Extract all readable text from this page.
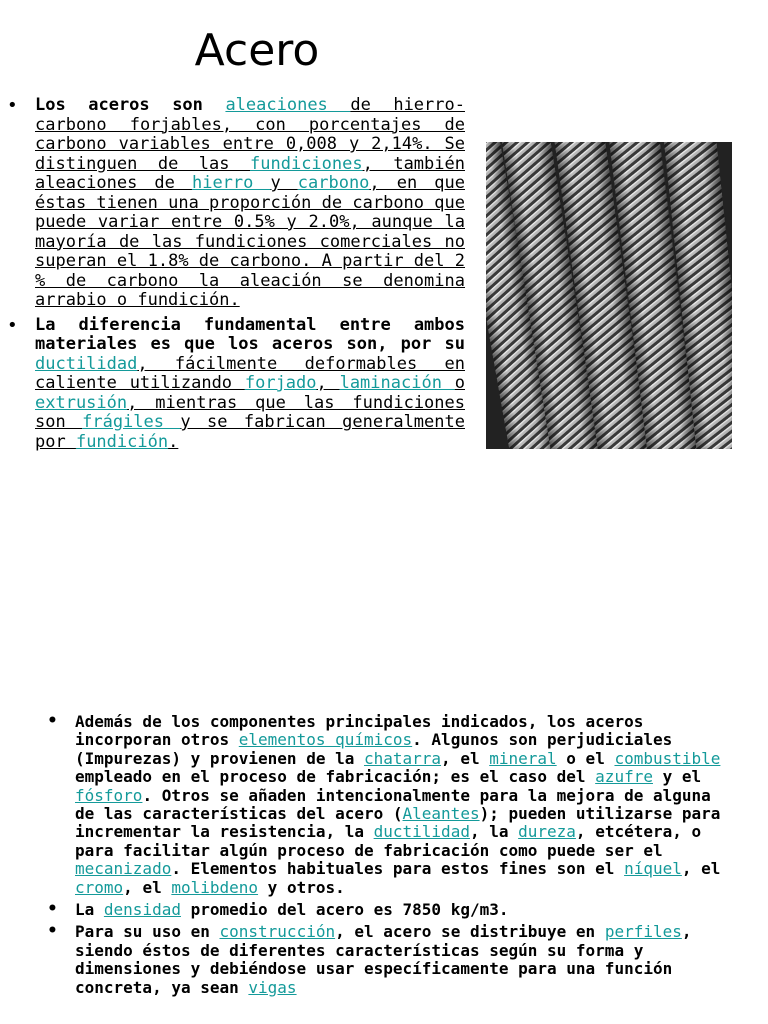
Acero
• Los aceros son aleaciones de hierro-carbono forjables, con porcentajes de carbono variables entre 0,008 y 2,14%. Se distinguen de las fundiciones, también aleaciones de hierro y carbono, en que éstas tienen una proporción de carbono que puede variar entre 0.5% y 2.0%, aunque la mayoría de las fundiciones comerciales no superan el 1.8% de carbono. A partir del 2 % de carbono la aleación se denomina arrabio o fundición.
• La diferencia fundamental entre ambos materiales es que los aceros son, por su ductilidad, fácilmente deformables en caliente utilizando forjado, laminación o extrusión, mientras que las fundiciones son frágiles y se fabrican generalmente por fundición.
• Además de los componentes principales indicados, los aceros incorporan otros elementos químicos. Algunos son perjudiciales (Impurezas) y provienen de la chatarra, el mineral o el combustible empleado en el proceso de fabricación; es el caso del azufre y el fósforo. Otros se añaden intencionalmente para la mejora de alguna de las características del acero (Aleantes); pueden utilizarse para incrementar la resistencia, la ductilidad, la dureza, etcétera, o para facilitar algún proceso de fabricación como puede ser el mecanizado. Elementos habituales para estos fines son el níquel, el cromo, el molibdeno y otros.
• La densidad promedio del acero es 7850 kg/m3.
• Para su uso en construcción, el acero se distribuye en perfiles, siendo éstos de diferentes características según su forma y dimensiones y debiéndose usar específicamente para una función concreta, ya sean vigas
